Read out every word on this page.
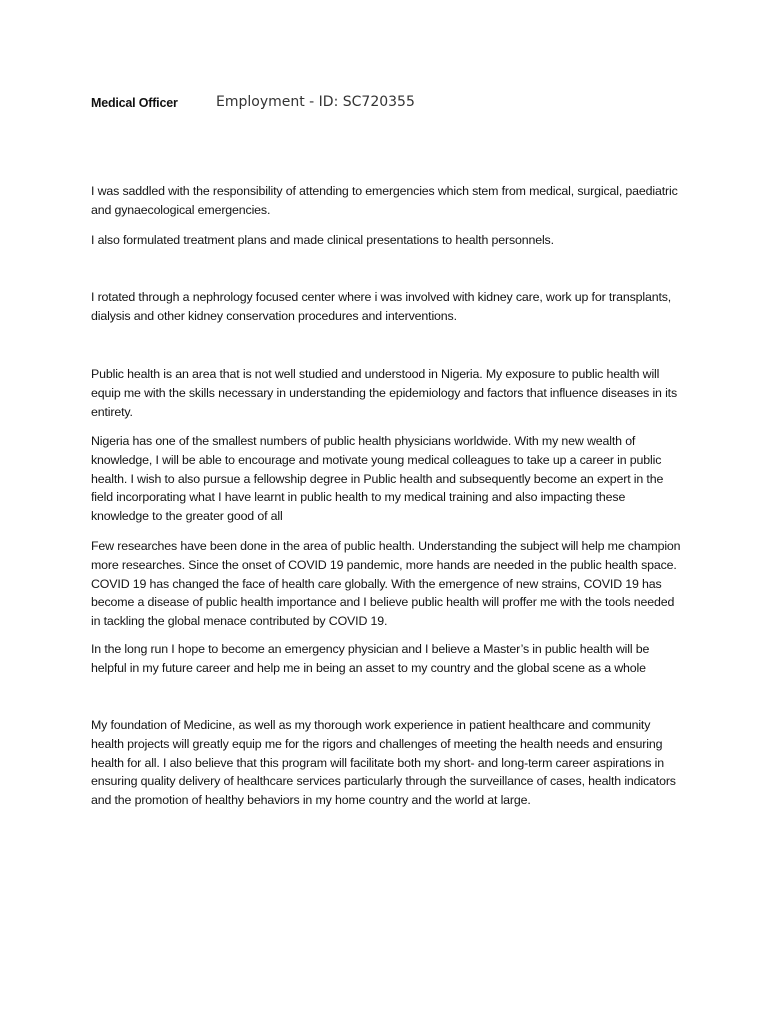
Medical Officer	Employment - ID: SC720355

I was saddled with the responsibility of attending to emergencies which stem from medical, surgical, paediatric and gynaecological emergencies.

I also formulated treatment plans and made clinical presentations to health personnels.

I rotated through a nephrology focused center where i was involved with kidney care, work up for transplants, dialysis and other kidney conservation procedures and interventions.

Public health is an area that is not well studied and understood in Nigeria. My exposure to public health will equip me with the skills necessary in understanding the epidemiology and factors that influence diseases in its entirety.

Nigeria has one of the smallest numbers of public health physicians worldwide. With my new wealth of knowledge, I will be able to encourage and motivate young medical colleagues to take up a career in public health. I wish to also pursue a fellowship degree in Public health and subsequently become an expert in the field incorporating what I have learnt in public health to my medical training and also impacting these knowledge to the greater good of all

Few researches have been done in the area of public health. Understanding the subject will help me champion more researches. Since the onset of COVID 19 pandemic, more hands are needed in the public health space. COVID 19 has changed the face of health care globally. With the emergence of new strains, COVID 19 has become a disease of public health importance and I believe public health will proffer me with the tools needed in tackling the global menace contributed by COVID 19.

In the long run I hope to become an emergency physician and I believe a Master’s in public health will be helpful in my future career and help me in being an asset to my country and the global scene as a whole

My foundation of Medicine, as well as my thorough work experience in patient healthcare and community health projects will greatly equip me for the rigors and challenges of meeting the health needs and ensuring health for all. I also believe that this program will facilitate both my short- and long-term career aspirations in ensuring quality delivery of healthcare services particularly through the surveillance of cases, health indicators and the promotion of healthy behaviors in my home country and the world at large.
